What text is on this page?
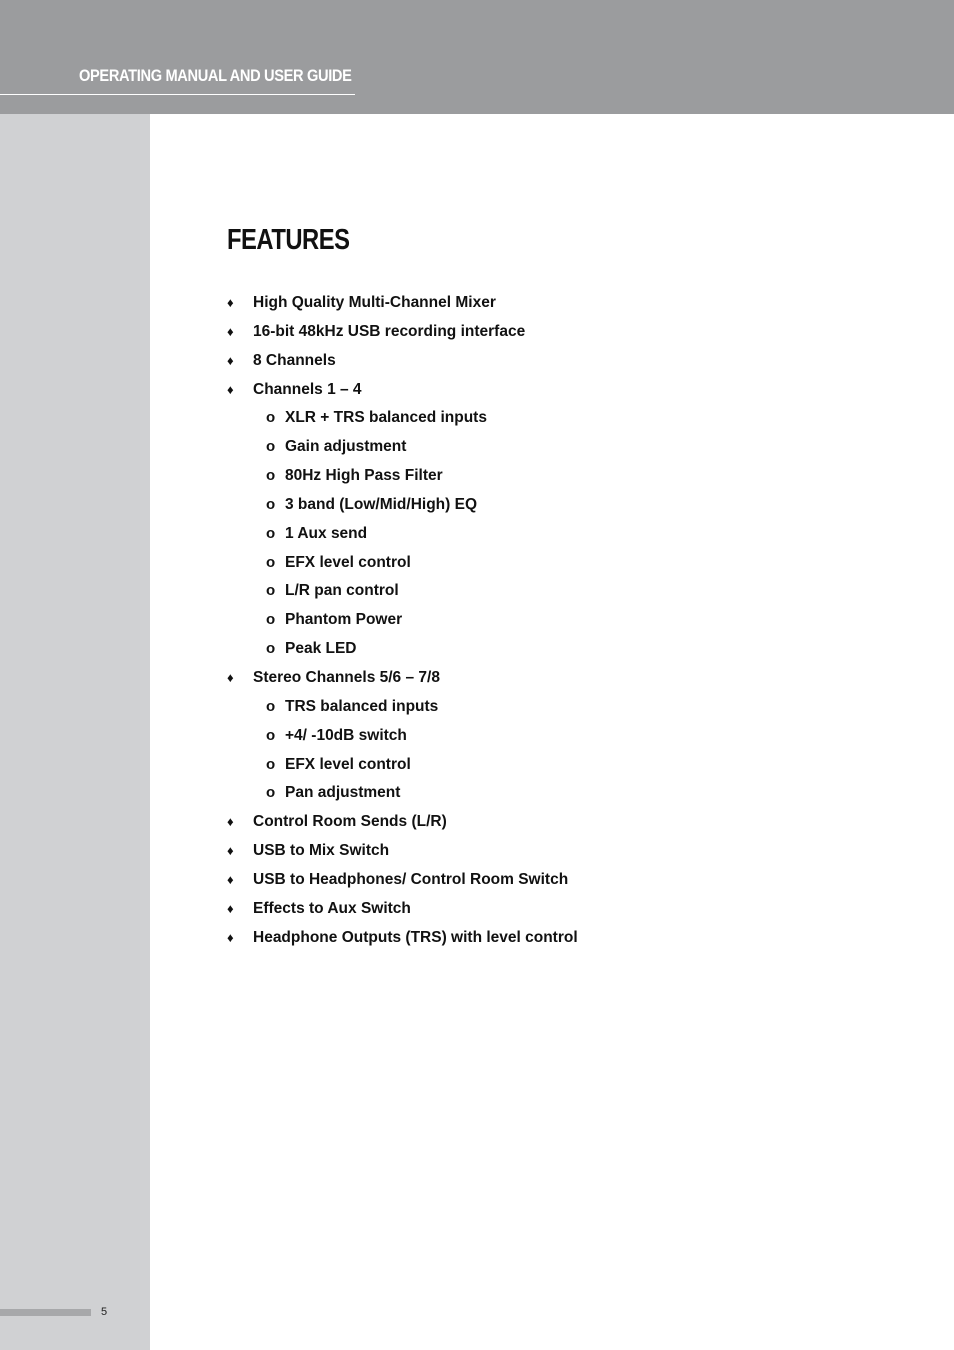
OPERATING MANUAL AND USER GUIDE
FEATURES
♦ High Quality Multi-Channel Mixer
♦ 16-bit 48kHz USB recording interface
♦ 8 Channels
♦ Channels 1 – 4
o XLR + TRS balanced inputs
o Gain adjustment
o 80Hz High Pass Filter
o 3 band (Low/Mid/High) EQ
o 1 Aux send
o EFX level control
o L/R pan control
o Phantom Power
o Peak LED
♦ Stereo Channels 5/6 – 7/8
o TRS balanced inputs
o +4/ -10dB switch
o EFX level control
o Pan adjustment
♦ Control Room Sends (L/R)
♦ USB to Mix Switch
♦ USB to Headphones/ Control Room Switch
♦ Effects to Aux Switch
♦ Headphone Outputs (TRS) with level control
5
